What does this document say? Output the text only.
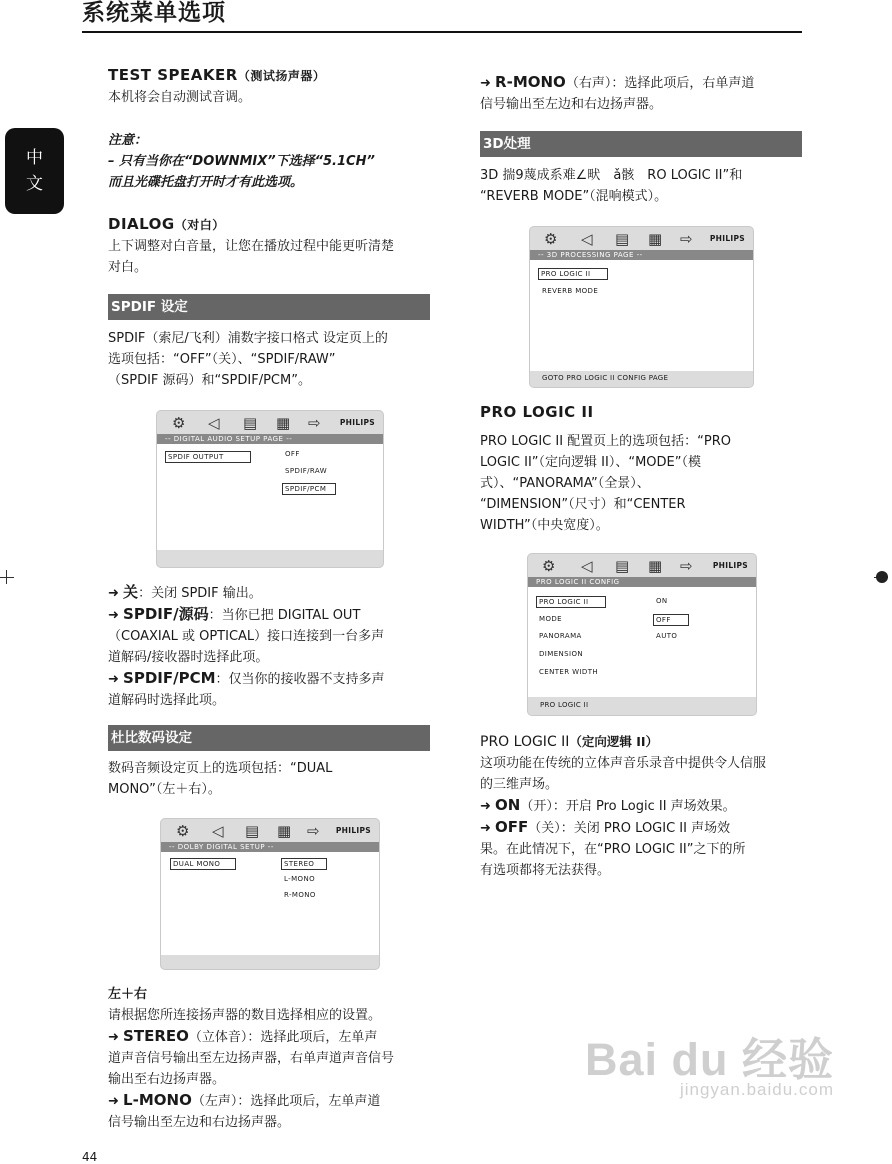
系统菜单选项
中
文
TEST SPEAKER（测试扬声器）

本机将会自动测试音调。

注意：

– 只有当你在“DOWNMIX”下选择“5.1CH”

而且光碟托盘打开时才有此选项。

DIALOG（对白）

上下调整对白音量，让您在播放过程中能更听清楚

对白。

SPDIF 设定

SPDIF（索尼/飞利）浦数字接口格式 设定页上的

选项包括：“OFF”（关）、“SPDIF/RAW”

（SPDIF 源码）和“SPDIF/PCM”。

⚙ ◁ ▤ ▦ ⇨	PHILIPS
-- DIGITAL AUDIO SETUP PAGE --
SPDIF OUTPUT	OFF
SPDIF/RAW
SPDIF/PCM

➜ 关：关闭 SPDIF 输出。

➜ SPDIF/源码：当你已把 DIGITAL OUT

（COAXIAL 或 OPTICAL）接口连接到一台多声

道解码/接收器时选择此项。

➜ SPDIF/PCM：仅当你的接收器不支持多声

道解码时选择此项。

杜比数码设定

数码音频设定页上的选项包括：“DUAL

MONO”（左＋右）。

⚙ ◁ ▤ ▦ ⇨ PHILIPS
-- DOLBY DIGITAL SETUP --
DUAL MONO	STEREO
L-MONO
R-MONO

左＋右

请根据您所连接扬声器的数目选择相应的设置。

➜ STEREO（立体音）：选择此项后，左单声

道声音信号输出至左边扬声器，右单声道声音信号

输出至右边扬声器。

➜ L-MONO（左声）：选择此项后，左单声道

信号输出至左边和右边扬声器。

➜ R-MONO（右声）：选择此项后，右单声道

信号输出至左边和右边扬声器。

3D处理

3D 揣9蔑成系难∠畎　ǎ骸　RO LOGIC II”和

“REVERB MODE”（混响模式）。

⚙ ◁ ▤ ▦ ⇨ PHILIPS
-- 3D PROCESSING PAGE --
PRO LOGIC II
REVERB MODE
GOTO PRO LOGIC II CONFIG PAGE
PRO LOGIC II

PRO LOGIC II 配置页上的选项包括：“PRO

LOGIC II”（定向逻辑 II）、“MODE”（模

式）、“PANORAMA”（全景）、

“DIMENSION”（尺寸）和“CENTER

WIDTH”（中央宽度）。

⚙ ◁ ▤ ▦ ⇨	PHILIPS
PRO LOGIC II CONFIG
PRO LOGIC II
MODE
PANORAMA
DIMENSION
CENTER WIDTH
ON
OFF
AUTO
PRO LOGIC II

PRO LOGIC II（定向逻辑 II）

这项功能在传统的立体声音乐录音中提供令人信服

的三维声场。

➜ ON（开）：开启 Pro Logic II 声场效果。

➜ OFF（关）：关闭 PRO LOGIC II 声场效

果。在此情况下，在“PRO LOGIC II”之下的所

有选项都将无法获得。

Bai du 经验
jingyan.baidu.com
44
